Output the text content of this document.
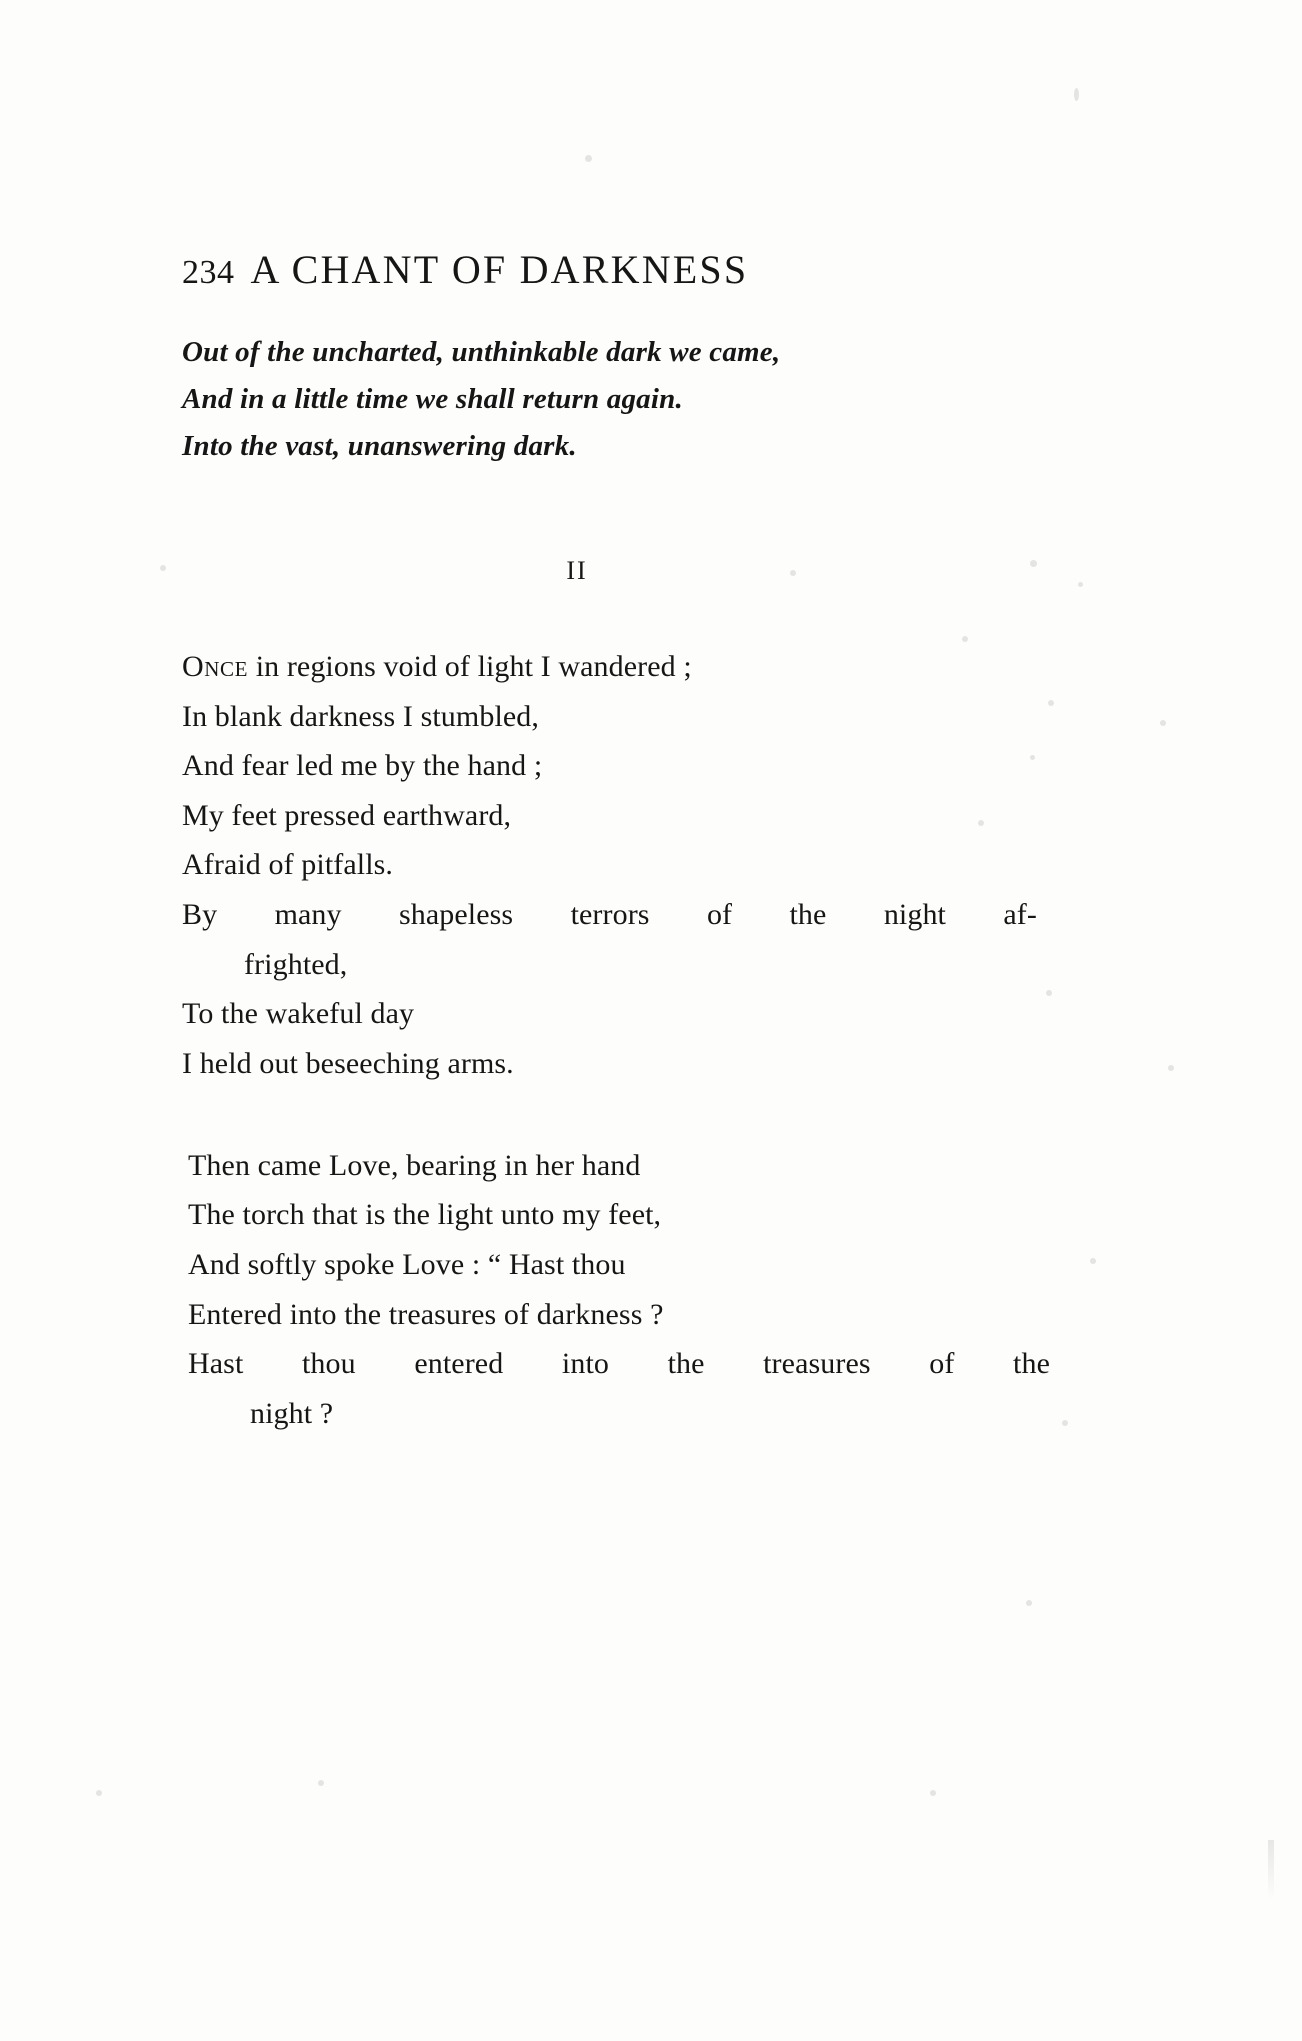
234 A CHANT OF DARKNESS
Out of the uncharted, unthinkable dark we came,
And in a little time we shall return again.
Into the vast, unanswering dark.
II
Once in regions void of light I wandered ;
In blank darkness I stumbled,
And fear led me by the hand ;
My feet pressed earthward,
Afraid of pitfalls.
By many shapeless terrors of the night af-
frighted,
To the wakeful day
I held out beseeching arms.
Then came Love, bearing in her hand
The torch that is the light unto my feet,
And softly spoke Love : “ Hast thou
Entered into the treasures of darkness ?
Hast thou entered into the treasures of the
night ?
